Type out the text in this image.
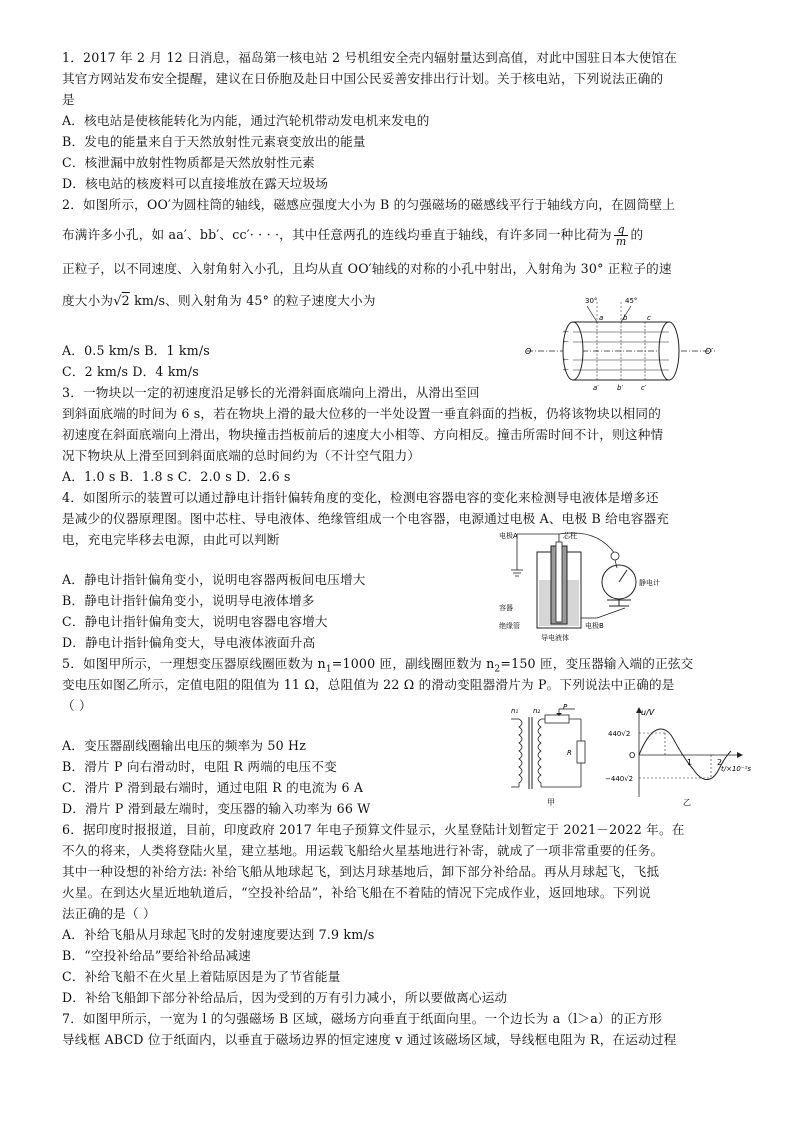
1．2017 年 2 月 12 日消息，福岛第一核电站 2 号机组安全壳内辐射量达到高值，对此中国驻日本大使馆在
其官方网站发布安全提醒，建议在日侨胞及赴日中国公民妥善安排出行计划。关于核电站，下列说法正确的
是
A．核电站是使核能转化为内能，通过汽轮机带动发电机来发电的
B．发电的能量来自于天然放射性元素衰变放出的能量
C．核泄漏中放射性物质都是天然放射性元素
D．核电站的核废料可以直接堆放在露天垃圾场
2．如图所示，OO′为圆柱筒的轴线，磁感应强度大小为 B 的匀强磁场的磁感线平行于轴线方向，在圆筒壁上
布满许多小孔，如 aa′、bb′、cc′· · · ·，其中任意两孔的连线均垂直于轴线，有许多同一种比荷为 $\frac{q}{m}$ 的
正粒子，以不同速度、入射角射入小孔，且均从直 OO′轴线的对称的小孔中射出，入射角为 30° 正粒子的速
度大小为√2 km/s、则入射角为 45° 的粒子速度大小为
A．0.5 km/s B．1 km/s
C．2 km/s D．4 km/s
←
←
←
←
30°	45°
a	b	c
a′	b′	c′
O	O′
3．一物块以一定的初速度沿足够长的光滑斜面底端向上滑出，从滑出至回
到斜面底端的时间为 6 s，若在物块上滑的最大位移的一半处设置一垂直斜面的挡板，仍将该物块以相同的
初速度在斜面底端向上滑出，物块撞击挡板前后的速度大小相等、方向相反。撞击所需时间不计，则这种情
况下物块从上滑至回到斜面底端的总时间约为（不计空气阻力）
A．1.0 s B．1.8 s C．2.0 s D．2.6 s
4．如图所示的装置可以通过静电计指针偏转角度的变化，检测电容器电容的变化来检测导电液体是增多还
是减少的仪器原理图。图中芯柱、导电液体、绝缘管组成一个电容器，电源通过电极 A、电极 B 给电容器充
电，充电完毕移去电源，由此可以判断
A．静电计指针偏角变小，说明电容器两板间电压增大
B．静电计指针偏角变小，说明导电液体增多
C．静电计指针偏角变大，说明电容器电容增大
D．静电计指针偏角变大，导电液体液面升高
电极A	芯柱
静电计
容器
绝缘管	电极B
导电液体
5．如图甲所示，一理想变压器原线圈匝数为 $n_1=1000$ 匝，副线圈匝数为 $n_2=150$ 匝，变压器输入端的正弦交
变电压如图乙所示，定值电阻的阻值为 11 Ω，总阻值为 22 Ω 的滑动变阻器滑片为 P。下列说法中正确的是
（ ）
A．变压器副线圈输出电压的频率为 50 Hz
B．滑片 P 向右滑动时，电阻 R 两端的电压不变
C．滑片 P 滑到最右端时，通过电阻 R 的电流为 6 A
D．滑片 P 滑到最左端时，变压器的输入功率为 66 W
n₁ n₂	P
R
甲
u/V
440√2
−440√2
O
1	2
t/×10⁻²s
乙
6．据印度时报报道，目前，印度政府 2017 年电子预算文件显示，火星登陆计划暂定于 2021－2022 年。在
不久的将来，人类将登陆火星，建立基地。用运载飞船给火星基地进行补寄，就成了一项非常重要的任务。
其中一种设想的补给方法: 补给飞船从地球起飞，到达月球基地后，卸下部分补给品。再从月球起飞，飞抵
火星。在到达火星近地轨道后，“空投补给品”，补给飞船在不着陆的情况下完成作业，返回地球。下列说
法正确的是（ ）
A．补给飞船从月球起飞时的发射速度要达到 7.9 km/s
B．“空投补给品”要给补给品减速
C．补给飞船不在火星上着陆原因是为了节省能量
D．补给飞船卸下部分补给品后，因为受到的万有引力减小，所以要做离心运动
7．如图甲所示，一宽为 l 的匀强磁场 B 区域，磁场方向垂直于纸面向里。一个边长为 a（l＞a）的正方形
导线框 ABCD 位于纸面内，以垂直于磁场边界的恒定速度 v 通过该磁场区域，导线框电阻为 R，在运动过程
